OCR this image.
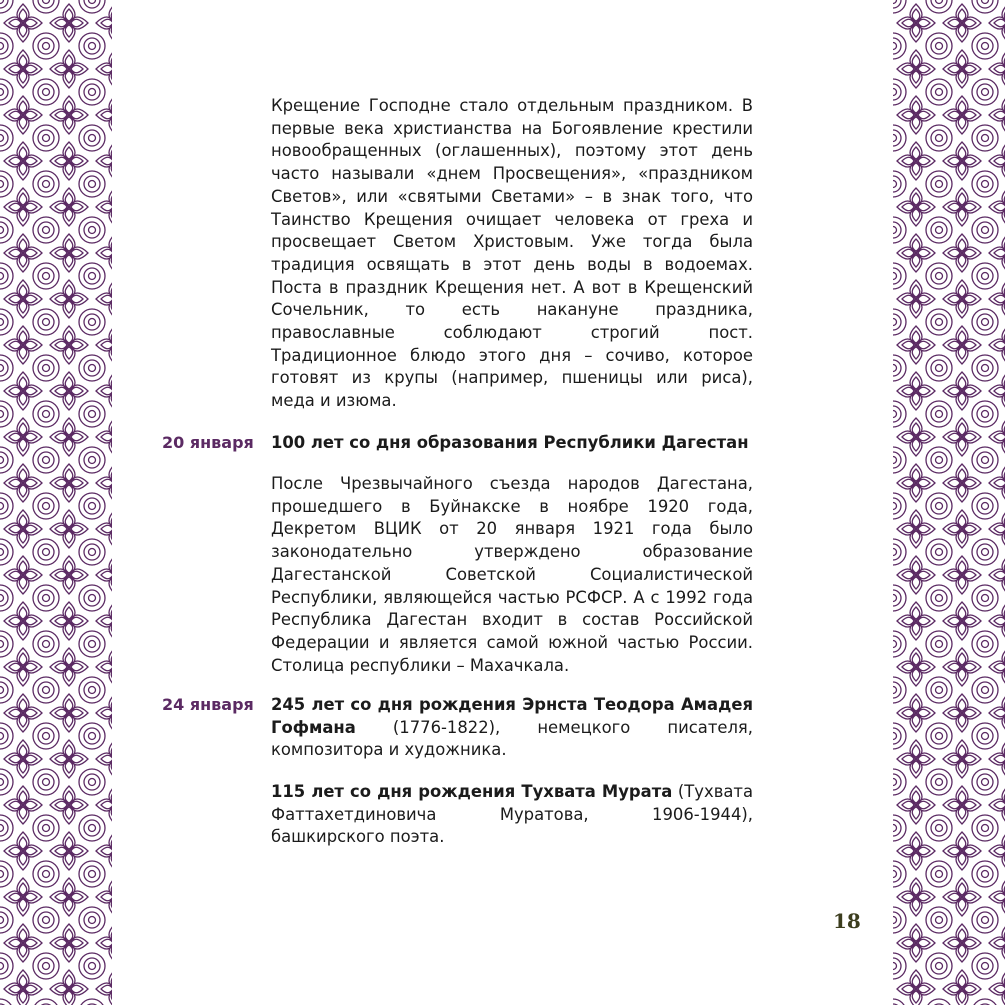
Крещение Господне стало отдельным праздником. В первые века христианства на Богоявление крестили новообращенных (оглашенных), поэтому этот день часто называли «днем Просвещения», «праздником Светов», или «святыми Светами» – в знак того, что Таинство Крещения очищает человека от греха и просвещает Светом Христовым. Уже тогда была традиция освящать в этот день воды в водоемах. Поста в праздник Крещения нет. А вот в Крещенский Сочельник, то есть накануне праздника, православные соблюдают строгий пост. Традиционное блюдо этого дня – сочиво, которое готовят из крупы (например, пшеницы или риса), меда и изюма.

20 января	100 лет со дня образования Республики Дагестан

После Чрезвычайного съезда народов Дагестана, прошедшего в Буйнакске в ноябре 1920 года, Декретом ВЦИК от 20 января 1921 года было законодательно утверждено образование Дагестанской Советской Социалистической Республики, являющейся частью РСФСР. А с 1992 года Республика Дагестан входит в состав Российской Федерации и является самой южной частью России. Столица республики – Махачкала.

24 января	245 лет со дня рождения Эрнста Теодора Амадея Гофмана (1776-1822), немецкого писателя, композитора и художника.

115 лет со дня рождения Тухвата Мурата (Тухвата Фаттахетдиновича Муратова, 1906-1944), башкирского поэта.

18
